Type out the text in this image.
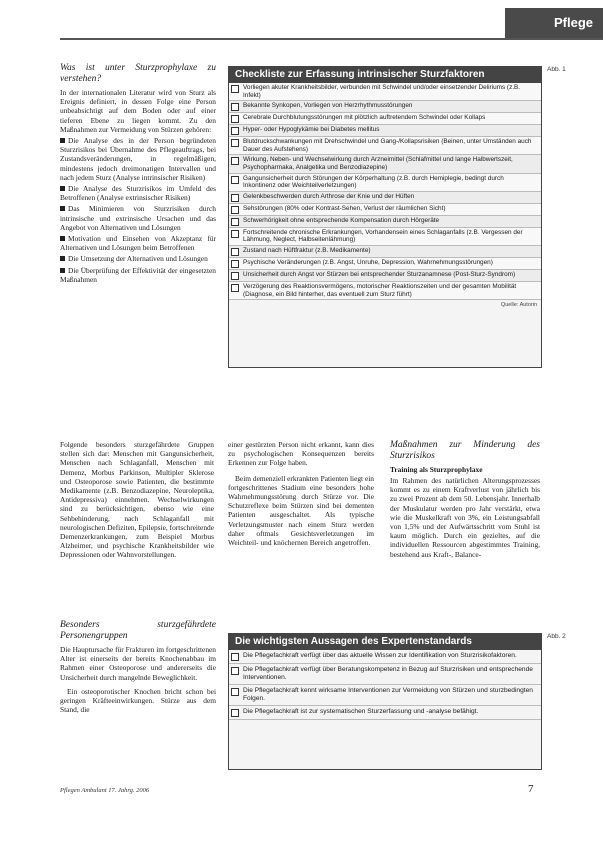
Pflege
Was ist unter Sturzprophylaxe zu verstehen?

In der internationalen Literatur wird von Sturz als Ereignis definiert, in dessen Folge eine Person unbeabsichtigt auf dem Boden oder auf einer tieferen Ebene zu liegen kommt. Zu den Maßnahmen zur Vermeidung von Stürzen gehören:

Die Analyse des in der Person begründeten Sturzrisikos bei Übernahme des Pflegeauftrags, bei Zustandsveränderungen, in regelmäßigen, mindestens jedoch dreimonatigen Intervallen und nach jedem Sturz (Analyse intrinsischer Risiken)

Die Analyse des Sturzrisikos im Umfeld des Betroffenen (Analyse extrinsischer Risiken)

Das Minimieren von Sturzrisiken durch intrinsische und extrinsische Ursachen und das Angebot von Alternativen und Lösungen

Motivation und Einsehen von Akzeptanz für Alternativen und Lösungen beim Betroffenen

Die Umsetzung der Alternativen und Lösungen

Die Überprüfung der Effektivität der eingesetzten Maßnahmen

Abb. 1
Checkliste zur Erfassung intrinsischer Sturzfaktoren
Vorliegen akuter Krankheitsbilder, verbunden mit Schwindel und/oder einsetzender Deliriums (z.B. Infekt)
Bekannte Synkopen, Vorliegen von Herzrhythmusstörungen
Cerebrale Durchblutungsstörungen mit plötzlich auftretendem Schwindel oder Kollaps
Hyper- oder Hypoglykämie bei Diabetes mellitus
Blutdruckschwankungen mit Drehschwindel und Gang-/Kollapsrisiken (Beinen, unter Umständen auch Dauer des Aufstehens)
Wirkung, Neben- und Wechselwirkung durch Arzneimittel (Schlafmittel und lange Halbwertszeit, Psychopharmaka, Analgetika und Benzodiazepine)
Gangunsicherheit durch Störungen der Körperhaltung (z.B. durch Hemiplegie, bedingt durch Inkontinenz oder Weichteilverletzungen)
Gelenkbeschwerden durch Arthrose der Knie und der Hüften
Sehstörungen (80% oder Kontrast-Sehen, Verlust der räumlichen Sicht)
Schwerhörigkeit ohne entsprechende Kompensation durch Hörgeräte
Fortschreitende chronische Erkrankungen, Vorhandensein eines Schlaganfalls (z.B. Vergessen der Lähmung, Neglect, Halbseitenlähmung)
Zustand nach Hüftfraktur (z.B. Medikamente)
Psychische Veränderungen (z.B. Angst, Unruhe, Depression, Wahrnehmungsstörungen)
Unsicherheit durch Angst vor Stürzen bei entsprechender Sturzanamnese (Post-Sturz-Syndrom)
Verzögerung des Reaktionsvermögens, motorischer Reaktionszeiten und der gesamten Mobilität (Diagnose, ein Bild hinterher, das eventuell zum Sturz führt)
Quelle: Autorin

Folgende besonders sturzgefährdete Gruppen stellen sich dar: Menschen mit Gangunsicherheit, Menschen nach Schlaganfall, Menschen mit Demenz, Morbus Parkinson, Multipler Sklerose und Osteoporose sowie Patienten, die bestimmte Medikamente (z.B. Benzodiazepine, Neuroleptika, Antidepressiva) einnehmen. Wechselwirkungen sind zu berücksichtigen, ebenso wie eine Sehbehinderung, nach Schlaganfall mit neurologischen Defiziten, Epilepsie, fortschreitende Demenzerkrankungen, zum Beispiel Morbus Alzheimer, und psychische Krankheitsbilder wie Depressionen oder Wahnvorstellungen.

einer gestürzten Person nicht erkannt, kann dies zu psychologischen Konsequenzen bereits Erkennen zur Folge haben.

Beim demenziell erkrankten Patienten liegt ein fortgeschrittenes Stadium eine besonders hohe Wahrnehmungsstörung durch Stürze vor. Die Schutzreflexe beim Stürzen sind bei dementen Patienten ausgeschaltet. Als typische Verletzungsmuster nach einem Sturz werden daher oftmals Gesichtsverletzungen im Weichteil- und knöchernen Bereich angetroffen.

Maßnahmen zur Minderung des Sturzrisikos
Training als Sturzprophylaxe

Im Rahmen des natürlichen Alterungsprozesses kommt es zu einem Kraftverlust von jährlich bis zu zwei Prozent ab dem 50. Lebensjahr. Innerhalb der Muskulatur werden pro Jahr verstärkt, etwa wie die Muskelkraft von 3%, ein Leistungsabfall von 1,5% und der Aufwärtsschritt vom Stuhl ist kaum möglich. Durch ein gezieltes, auf die individuellen Ressourcen abgestimmtes Training, bestehend aus Kraft-, Balance-

Besonders sturzgefährdete Personengruppen

Die Hauptursache für Frakturen im fortgeschrittenen Alter ist einerseits der bereits Knochenabbau im Rahmen einer Osteoporose und andererseits die Unsicherheit durch mangelnde Beweglichkeit.

Ein osteoporotischer Knochen bricht schon bei geringen Kräfteeinwirkungen. Stürze aus dem Stand, die

Abb. 2
Die wichtigsten Aussagen des Expertenstandards
Die Pflegefachkraft verfügt über das aktuelle Wissen zur Identifikation von Sturzrisikofaktoren.
Die Pflegefachkraft verfügt über Beratungskompetenz in Bezug auf Sturzrisiken und entsprechende Interventionen.
Die Pflegefachkraft kennt wirksame Interventionen zur Vermeidung von Stürzen und sturzbedingten Folgen.
Die Pflegefachkraft ist zur systematischen Sturzerfassung und -analyse befähigt.
Pflegen Ambulant 17. Jahrg. 2006	7
